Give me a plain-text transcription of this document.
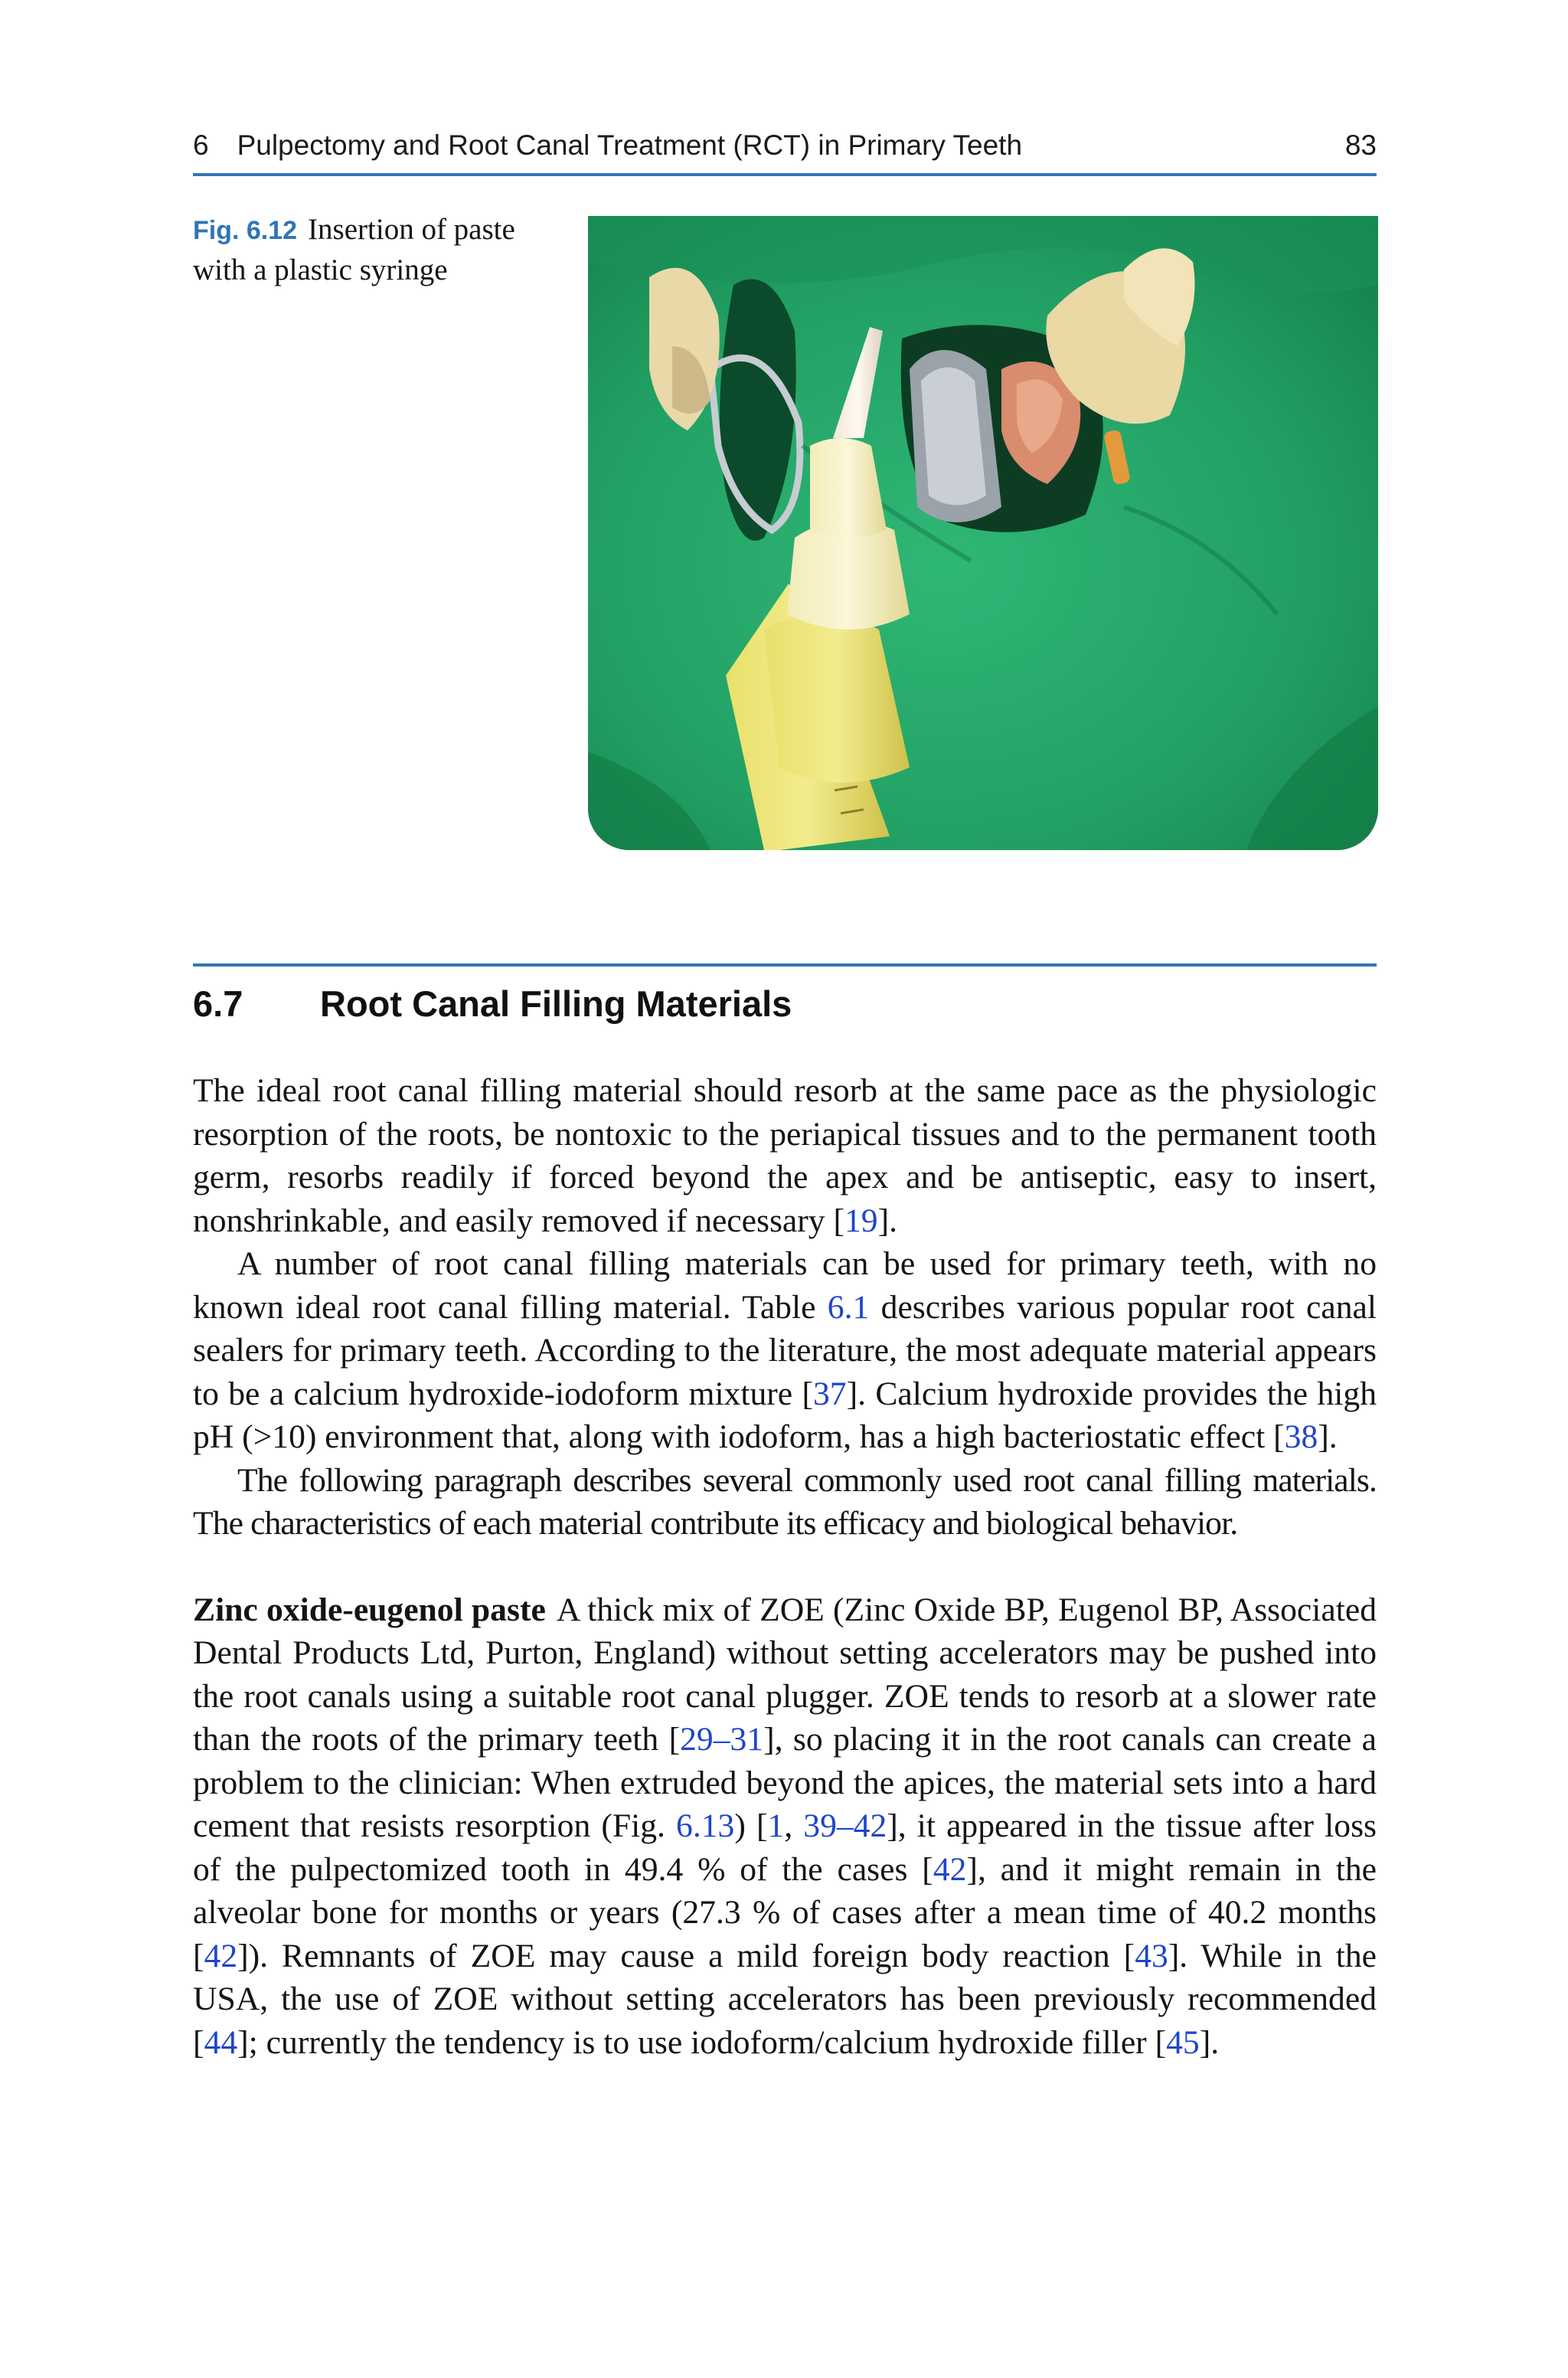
6 Pulpectomy and Root Canal Treatment (RCT) in Primary Teeth	83
Fig. 6.12 Insertion of paste with a plastic syringe
6.7 Root Canal Filling Materials

The ideal root canal filling material should resorb at the same pace as the physiologic resorption of the roots, be nontoxic to the periapical tissues and to the permanent tooth germ, resorbs readily if forced beyond the apex and be antiseptic, easy to insert, nonshrinkable, and easily removed if necessary [19].

A number of root canal filling materials can be used for primary teeth, with no known ideal root canal filling material. Table 6.1 describes various popular root canal sealers for primary teeth. According to the literature, the most adequate material appears to be a calcium hydroxide-iodoform mixture [37]. Calcium hydroxide provides the high pH (>10) environment that, along with iodoform, has a high bacteriostatic effect [38].

The following paragraph describes several commonly used root canal filling materials. The characteristics of each material contribute its efficacy and biological behavior.

Zinc oxide-eugenol paste A thick mix of ZOE (Zinc Oxide BP, Eugenol BP, Associated Dental Products Ltd, Purton, England) without setting accelerators may be pushed into the root canals using a suitable root canal plugger. ZOE tends to resorb at a slower rate than the roots of the primary teeth [29–31], so placing it in the root canals can create a problem to the clinician: When extruded beyond the apices, the material sets into a hard cement that resists resorption (Fig. 6.13) [1, 39–42], it appeared in the tissue after loss of the pulpectomized tooth in 49.4 % of the cases [42], and it might remain in the alveolar bone for months or years (27.3 % of cases after a mean time of 40.2 months [42]). Remnants of ZOE may cause a mild foreign body reaction [43]. While in the USA, the use of ZOE without setting accelerators has been previously recommended [44]; currently the tendency is to use iodoform/calcium hydroxide filler [45].
